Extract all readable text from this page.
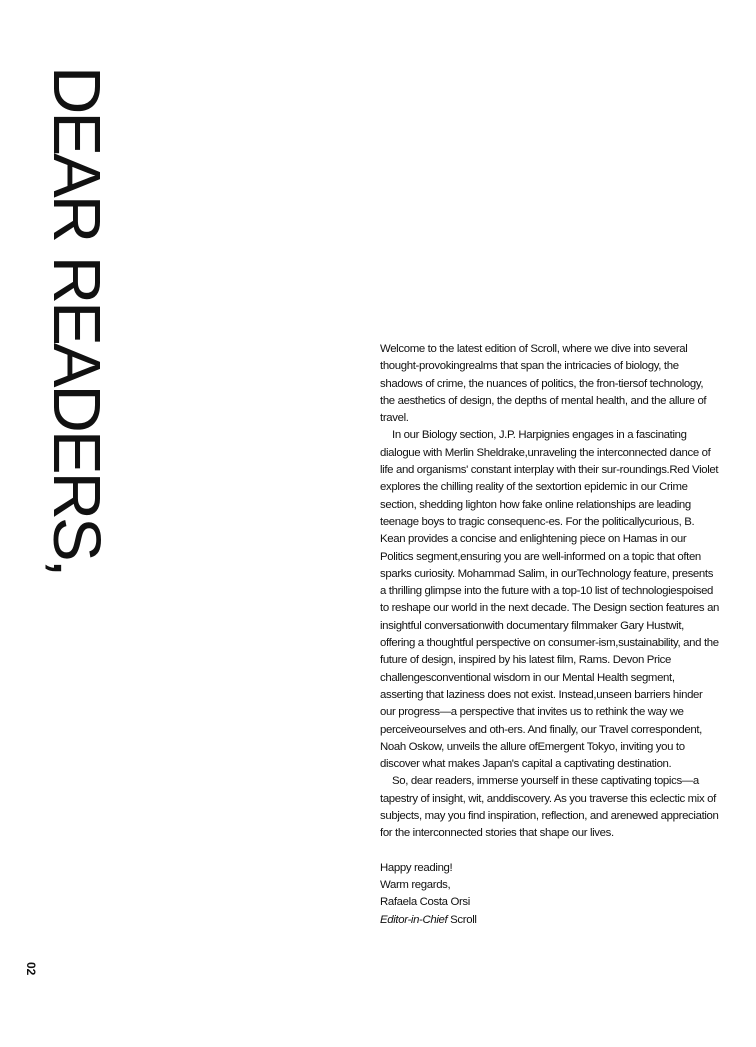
DEAR READERS,
02

Welcome to the latest edition of Scroll, where we dive into several thought-provokingrealms that span the intricacies of biology, the shadows of crime, the nuances of politics, the fron-tiersof technology, the aesthetics of design, the depths of mental health, and the allure of travel.

In our Biology section, J.P. Harpignies engages in a fascinating dialogue with Merlin Sheldrake,unraveling the interconnected dance of life and organisms' constant interplay with their sur-roundings.Red Violet explores the chilling reality of the sextortion epidemic in our Crime section, shedding lighton how fake online relationships are leading teenage boys to tragic consequenc-es. For the politicallycurious, B. Kean provides a concise and enlightening piece on Hamas in our Politics segment,ensuring you are well-informed on a topic that often sparks curiosity. Mohammad Salim, in ourTechnology feature, presents a thrilling glimpse into the future with a top-10 list of technologiespoised to reshape our world in the next decade. The Design section features an insightful conversationwith documentary filmmaker Gary Hustwit, offering a thoughtful perspective on consumer-ism,sustainability, and the future of design, inspired by his latest film, Rams. Devon Price challengesconventional wisdom in our Mental Health segment, asserting that laziness does not exist. Instead,unseen barriers hinder our progress—a perspective that invites us to rethink the way we perceiveourselves and oth-ers. And finally, our Travel correspondent, Noah Oskow, unveils the allure ofEmergent Tokyo, inviting you to discover what makes Japan's capital a captivating destination.

So, dear readers, immerse yourself in these captivating topics—a tapestry of insight, wit, anddiscovery. As you traverse this eclectic mix of subjects, may you find inspiration, reflection, and arenewed appreciation for the interconnected stories that shape our lives.

Happy reading!
Warm regards,
Rafaela Costa Orsi
Editor-in-Chief Scroll
